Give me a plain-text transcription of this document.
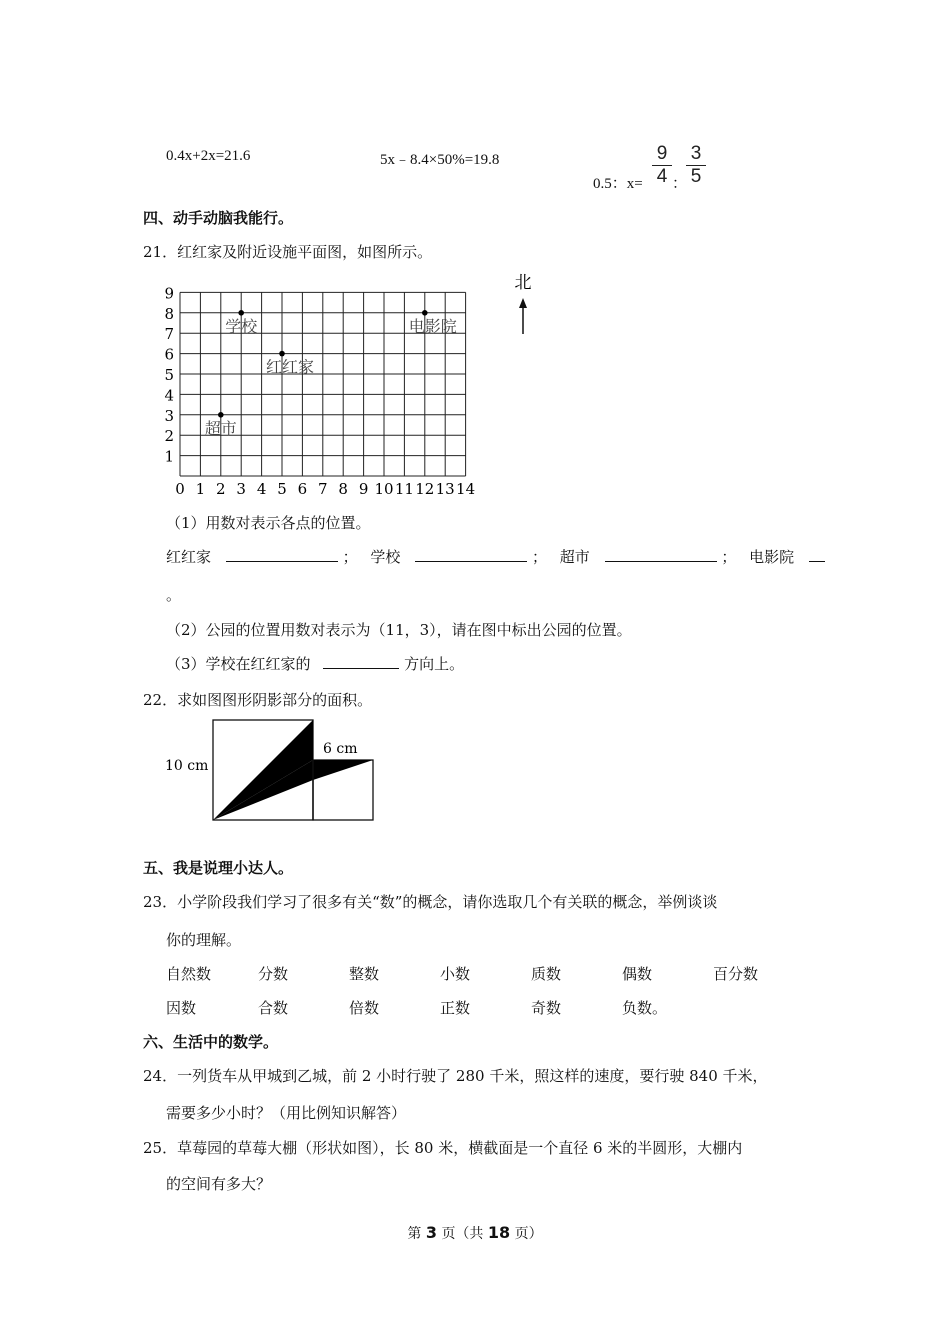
0.4x+2x=21.6	5x﹣8.4×50%=19.8
0.5：x=
9
4 ：
3
5
四、动手动脑我能行。
21．红红家及附近设施平面图，如图所示。
0 1 2 3 4 5 6 7 8 9 10 11 12 13 14
1
2
3
4
5
6
7
8
9
学校	电影院
红红家
超市
北
（1）用数对表示各点的位置。
红红家	； 学校	； 超市	； 电影院
。
（2）公园的位置用数对表示为（11，3），请在图中标出公园的位置。
（3）学校在红红家的	方向上。
22．求如图图形阴影部分的面积。
10 cm
6 cm
五、我是说理小达人。
23．小学阶段我们学习了很多有关“数”的概念，请你选取几个有关联的概念，举例谈谈
你的理解。
自然数	分数	整数	小数	质数	偶数	百分数
因数	合数	倍数	正数	奇数	负数。
六、生活中的数学。
24．一列货车从甲城到乙城，前 2 小时行驶了 280 千米，照这样的速度，要行驶 840 千米，
需要多少小时？（用比例知识解答）
25．草莓园的草莓大棚（形状如图），长 80 米，横截面是一个直径 6 米的半圆形，大棚内
的空间有多大？
第 3 页（共 18 页）
